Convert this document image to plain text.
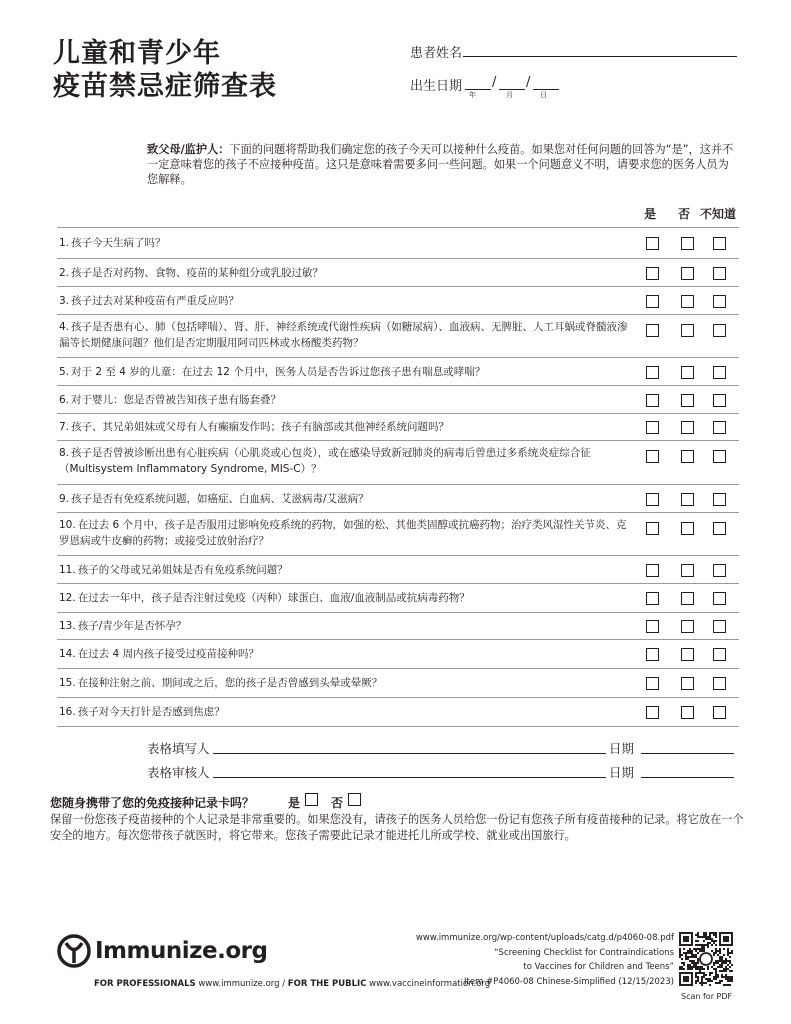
儿童和青少年
疫苗禁忌症筛查表
患者姓名
出生日期 / /
年	月	日
致父母/监护人：下面的问题将帮助我们确定您的孩子今天可以接种什么疫苗。如果您对任何问题的回答为“是”，这并不一定意味着您的孩子不应接种疫苗。这只是意味着需要多问一些问题。如果一个问题意义不明，请要求您的医务人员为您解释。
是 否 不知道
1. 孩子今天生病了吗？
2. 孩子是否对药物、食物、疫苗的某种组分或乳胶过敏？
3. 孩子过去对某种疫苗有严重反应吗？
4. 孩子是否患有心、肺（包括哮喘）、肾、肝、神经系统或代谢性疾病（如糖尿病）、血液病、无脾脏、人工耳蜗或脊髓液渗漏等长期健康问题？他们是否定期服用阿司匹林或水杨酸类药物？
5. 对于 2 至 4 岁的儿童：在过去 12 个月中，医务人员是否告诉过您孩子患有喘息或哮喘？
6. 对于婴儿：您是否曾被告知孩子患有肠套叠？
7. 孩子、其兄弟姐妹或父母有人有癫痫发作吗；孩子有脑部或其他神经系统问题吗？
8. 孩子是否曾被诊断出患有心脏疾病（心肌炎或心包炎），或在感染导致新冠肺炎的病毒后曾患过多系统炎症综合征（Multisystem Inflammatory Syndrome, MIS-C）？
9. 孩子是否有免疫系统问题，如癌症、白血病、艾滋病毒/艾滋病？
10. 在过去 6 个月中，孩子是否服用过影响免疫系统的药物，如强的松、其他类固醇或抗癌药物；治疗类风湿性关节炎、克罗恩病或牛皮癣的药物；或接受过放射治疗？
11. 孩子的父母或兄弟姐妹是否有免疫系统问题？
12. 在过去一年中，孩子是否注射过免疫（丙种）球蛋白、血液/血液制品或抗病毒药物？
13. 孩子/青少年是否怀孕？
14. 在过去 4 周内孩子接受过疫苗接种吗？
15. 在接种注射之前、期间或之后，您的孩子是否曾感到头晕或晕厥？
16. 孩子对今天打针是否感到焦虑？
表格填写人	日期
表格审核人	日期
您随身携带了您的免疫接种记录卡吗？	是	否
保留一份您孩子疫苗接种的个人记录是非常重要的。如果您没有，请孩子的医务人员给您一份记有您孩子所有疫苗接种的记录。将它放在一个安全的地方。每次您带孩子就医时，将它带来。您孩子需要此记录才能进托儿所或学校、就业或出国旅行。
Immunize.org
FOR PROFESSIONALS www.immunize.org / FOR THE PUBLIC www.vaccineinformation.org
www.immunize.org/wp-content/uploads/catg.d/p4060-08.pdf
“Screening Checklist for Contraindications
to Vaccines for Children and Teens”
Item #P4060-08 Chinese-Simplified (12/15/2023)
Scan for PDF
